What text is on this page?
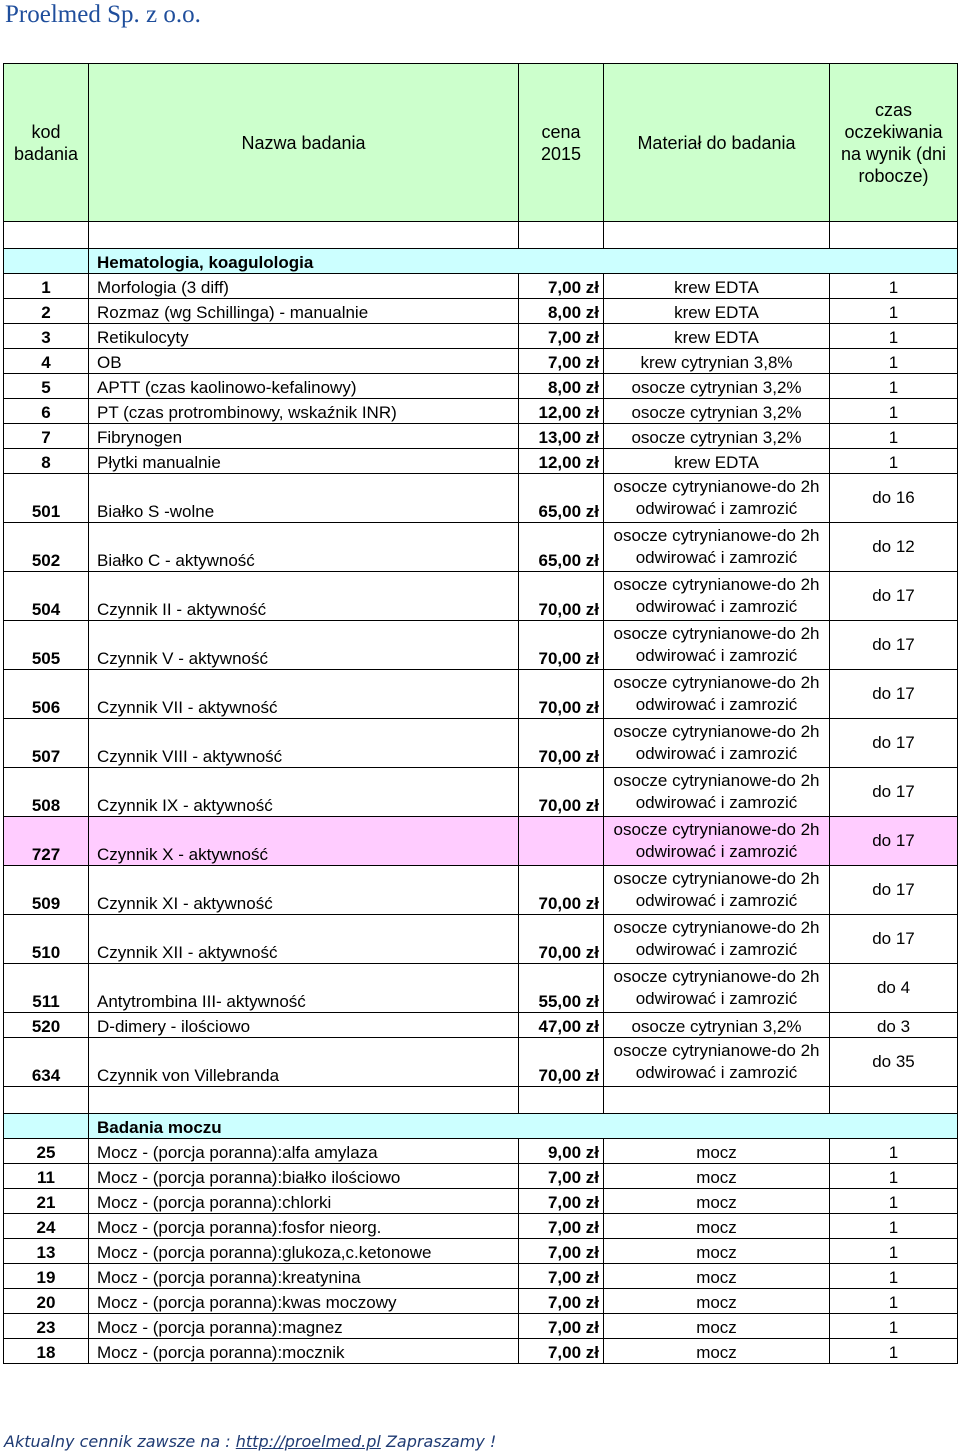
Proelmed Sp. z o.o.
kod badania	Nazwa badania	cena 2015	Materiał do badania	czas oczekiwania na wynik (dni robocze)

	Hematologia, koagulologia			
1	Morfologia (3 diff)	7,00 zł	krew EDTA	1
2	Rozmaz (wg Schillinga) - manualnie	8,00 zł	krew EDTA	1
3	Retikulocyty	7,00 zł	krew EDTA	1
4	OB	7,00 zł	krew cytrynian 3,8%	1
5	APTT (czas kaolinowo-kefalinowy)	8,00 zł	osocze cytrynian 3,2%	1
6	PT (czas protrombinowy, wskaźnik INR)	12,00 zł	osocze cytrynian 3,2%	1
7	Fibrynogen	13,00 zł	osocze cytrynian 3,2%	1
8	Płytki manualnie	12,00 zł	krew EDTA	1
501	Białko S -wolne	65,00 zł	osocze cytrynianowe-do 2h odwirować i zamrozić	do 16
502	Białko C - aktywność	65,00 zł	osocze cytrynianowe-do 2h odwirować i zamrozić	do 12
504	Czynnik II - aktywność	70,00 zł	osocze cytrynianowe-do 2h odwirować i zamrozić	do 17
505	Czynnik V - aktywność	70,00 zł	osocze cytrynianowe-do 2h odwirować i zamrozić	do 17
506	Czynnik VII - aktywność	70,00 zł	osocze cytrynianowe-do 2h odwirować i zamrozić	do 17
507	Czynnik VIII - aktywność	70,00 zł	osocze cytrynianowe-do 2h odwirować i zamrozić	do 17
508	Czynnik IX - aktywność	70,00 zł	osocze cytrynianowe-do 2h odwirować i zamrozić	do 17
727	Czynnik X - aktywność		osocze cytrynianowe-do 2h odwirować i zamrozić	do 17
509	Czynnik XI - aktywność	70,00 zł	osocze cytrynianowe-do 2h odwirować i zamrozić	do 17
510	Czynnik XII - aktywność	70,00 zł	osocze cytrynianowe-do 2h odwirować i zamrozić	do 17
511	Antytrombina III- aktywność	55,00 zł	osocze cytrynianowe-do 2h odwirować i zamrozić	do 4
520	D-dimery - ilościowo	47,00 zł	osocze cytrynian 3,2%	do 3
634	Czynnik von Villebranda	70,00 zł	osocze cytrynianowe-do 2h odwirować i zamrozić	do 35

	Badania moczu			
25	Mocz - (porcja poranna):alfa amylaza	9,00 zł	mocz	1
11	Mocz - (porcja poranna):białko ilościowo	7,00 zł	mocz	1
21	Mocz - (porcja poranna):chlorki	7,00 zł	mocz	1
24	Mocz - (porcja poranna):fosfor nieorg.	7,00 zł	mocz	1
13	Mocz - (porcja poranna):glukoza,c.ketonowe	7,00 zł	mocz	1
19	Mocz - (porcja poranna):kreatynina	7,00 zł	mocz	1
20	Mocz - (porcja poranna):kwas moczowy	7,00 zł	mocz	1
23	Mocz - (porcja poranna):magnez	7,00 zł	mocz	1
18	Mocz - (porcja poranna):mocznik	7,00 zł	mocz	1
Aktualny cennik zawsze na : http://proelmed.pl Zapraszamy !
